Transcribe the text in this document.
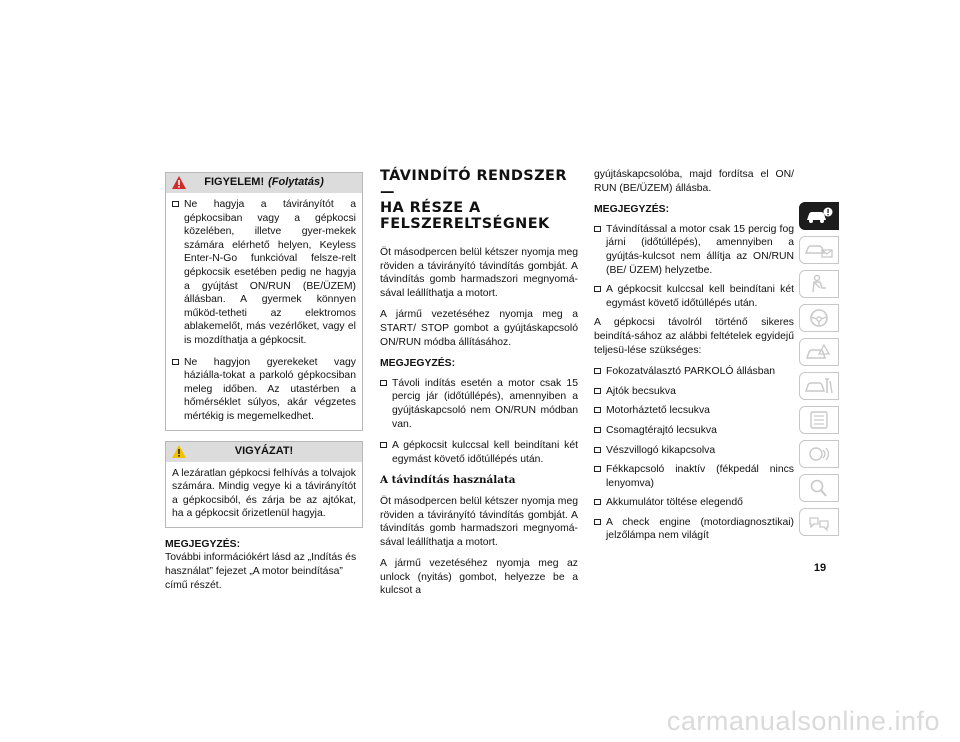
FIGYELEM! (Folytatás)
Ne hagyja a távirányítót a gépkocsiban vagy a gépkocsi közelében, illetve gyer-mekek számára elérhető helyen, Keyless Enter-N-Go funkcióval felsze-relt gépkocsik esetében pedig ne hagyja a gyújtást ON/RUN (BE/ÜZEM) állásban. A gyermek könnyen működ-tetheti az elektromos ablakemelőt, más vezérlőket, vagy el is mozdíthatja a gépkocsit.
Ne hagyjon gyerekeket vagy háziálla-tokat a parkoló gépkocsiban meleg időben. Az utastérben a hőmérséklet súlyos, akár végzetes mértékig is megemelkedhet.
VIGYÁZAT!

A lezáratlan gépkocsi felhívás a tolvajok számára. Mindig vegye ki a távirányítót a gépkocsiból, és zárja be az ajtókat, ha a gépkocsit őrizetlenül hagyja.

MEGJEGYZÉS:

További információkért lásd az „Indítás és használat” fejezet „A motor beindítása” című részét.

TÁVINDÍTÓ RENDSZER —
HA RÉSZE A
FELSZERELTSÉGNEK

Öt másodpercen belül kétszer nyomja meg röviden a távirányító távindítás gombját. A távindítás gomb harmadszori megnyomá-sával leállíthatja a motort.

A jármű vezetéséhez nyomja meg a START/ STOP gombot a gyújtáskapcsoló ON/RUN módba állításához.

MEGJEGYZÉS:
Távoli indítás esetén a motor csak 15 percig jár (időtúllépés), amennyiben a gyújtáskapcsoló nem ON/RUN módban van.
A gépkocsit kulccsal kell beindítani két egymást követő időtúllépés után.
A távindítás használata

Öt másodpercen belül kétszer nyomja meg röviden a távirányító távindítás gombját. A távindítás gomb harmadszori megnyomá-sával leállíthatja a motort.

A jármű vezetéséhez nyomja meg az unlock (nyitás) gombot, helyezze be a kulcsot a

gyújtáskapcsolóba, majd fordítsa el ON/ RUN (BE/ÜZEM) állásba.

MEGJEGYZÉS:
Távindítással a motor csak 15 percig fog járni (időtúllépés), amennyiben a gyújtás-kulcsot nem állítja az ON/RUN (BE/ ÜZEM) helyzetbe.
A gépkocsit kulccsal kell beindítani két egymást követő időtúllépés után.

A gépkocsi távolról történő sikeres beindítá-sához az alábbi feltételek egyidejű teljesü-lése szükséges:

Fokozatválasztó PARKOLÓ állásban
Ajtók becsukva
Motorháztető lecsukva
Csomagtérajtó lecsukva
Vészvillogó kikapcsolva
Fékkapcsoló inaktív (fékpedál nincs lenyomva)
Akkumulátor töltése elegendő
A check engine (motordiagnosztikai) jelzőlámpa nem világít
19
carmanualsonline.info
